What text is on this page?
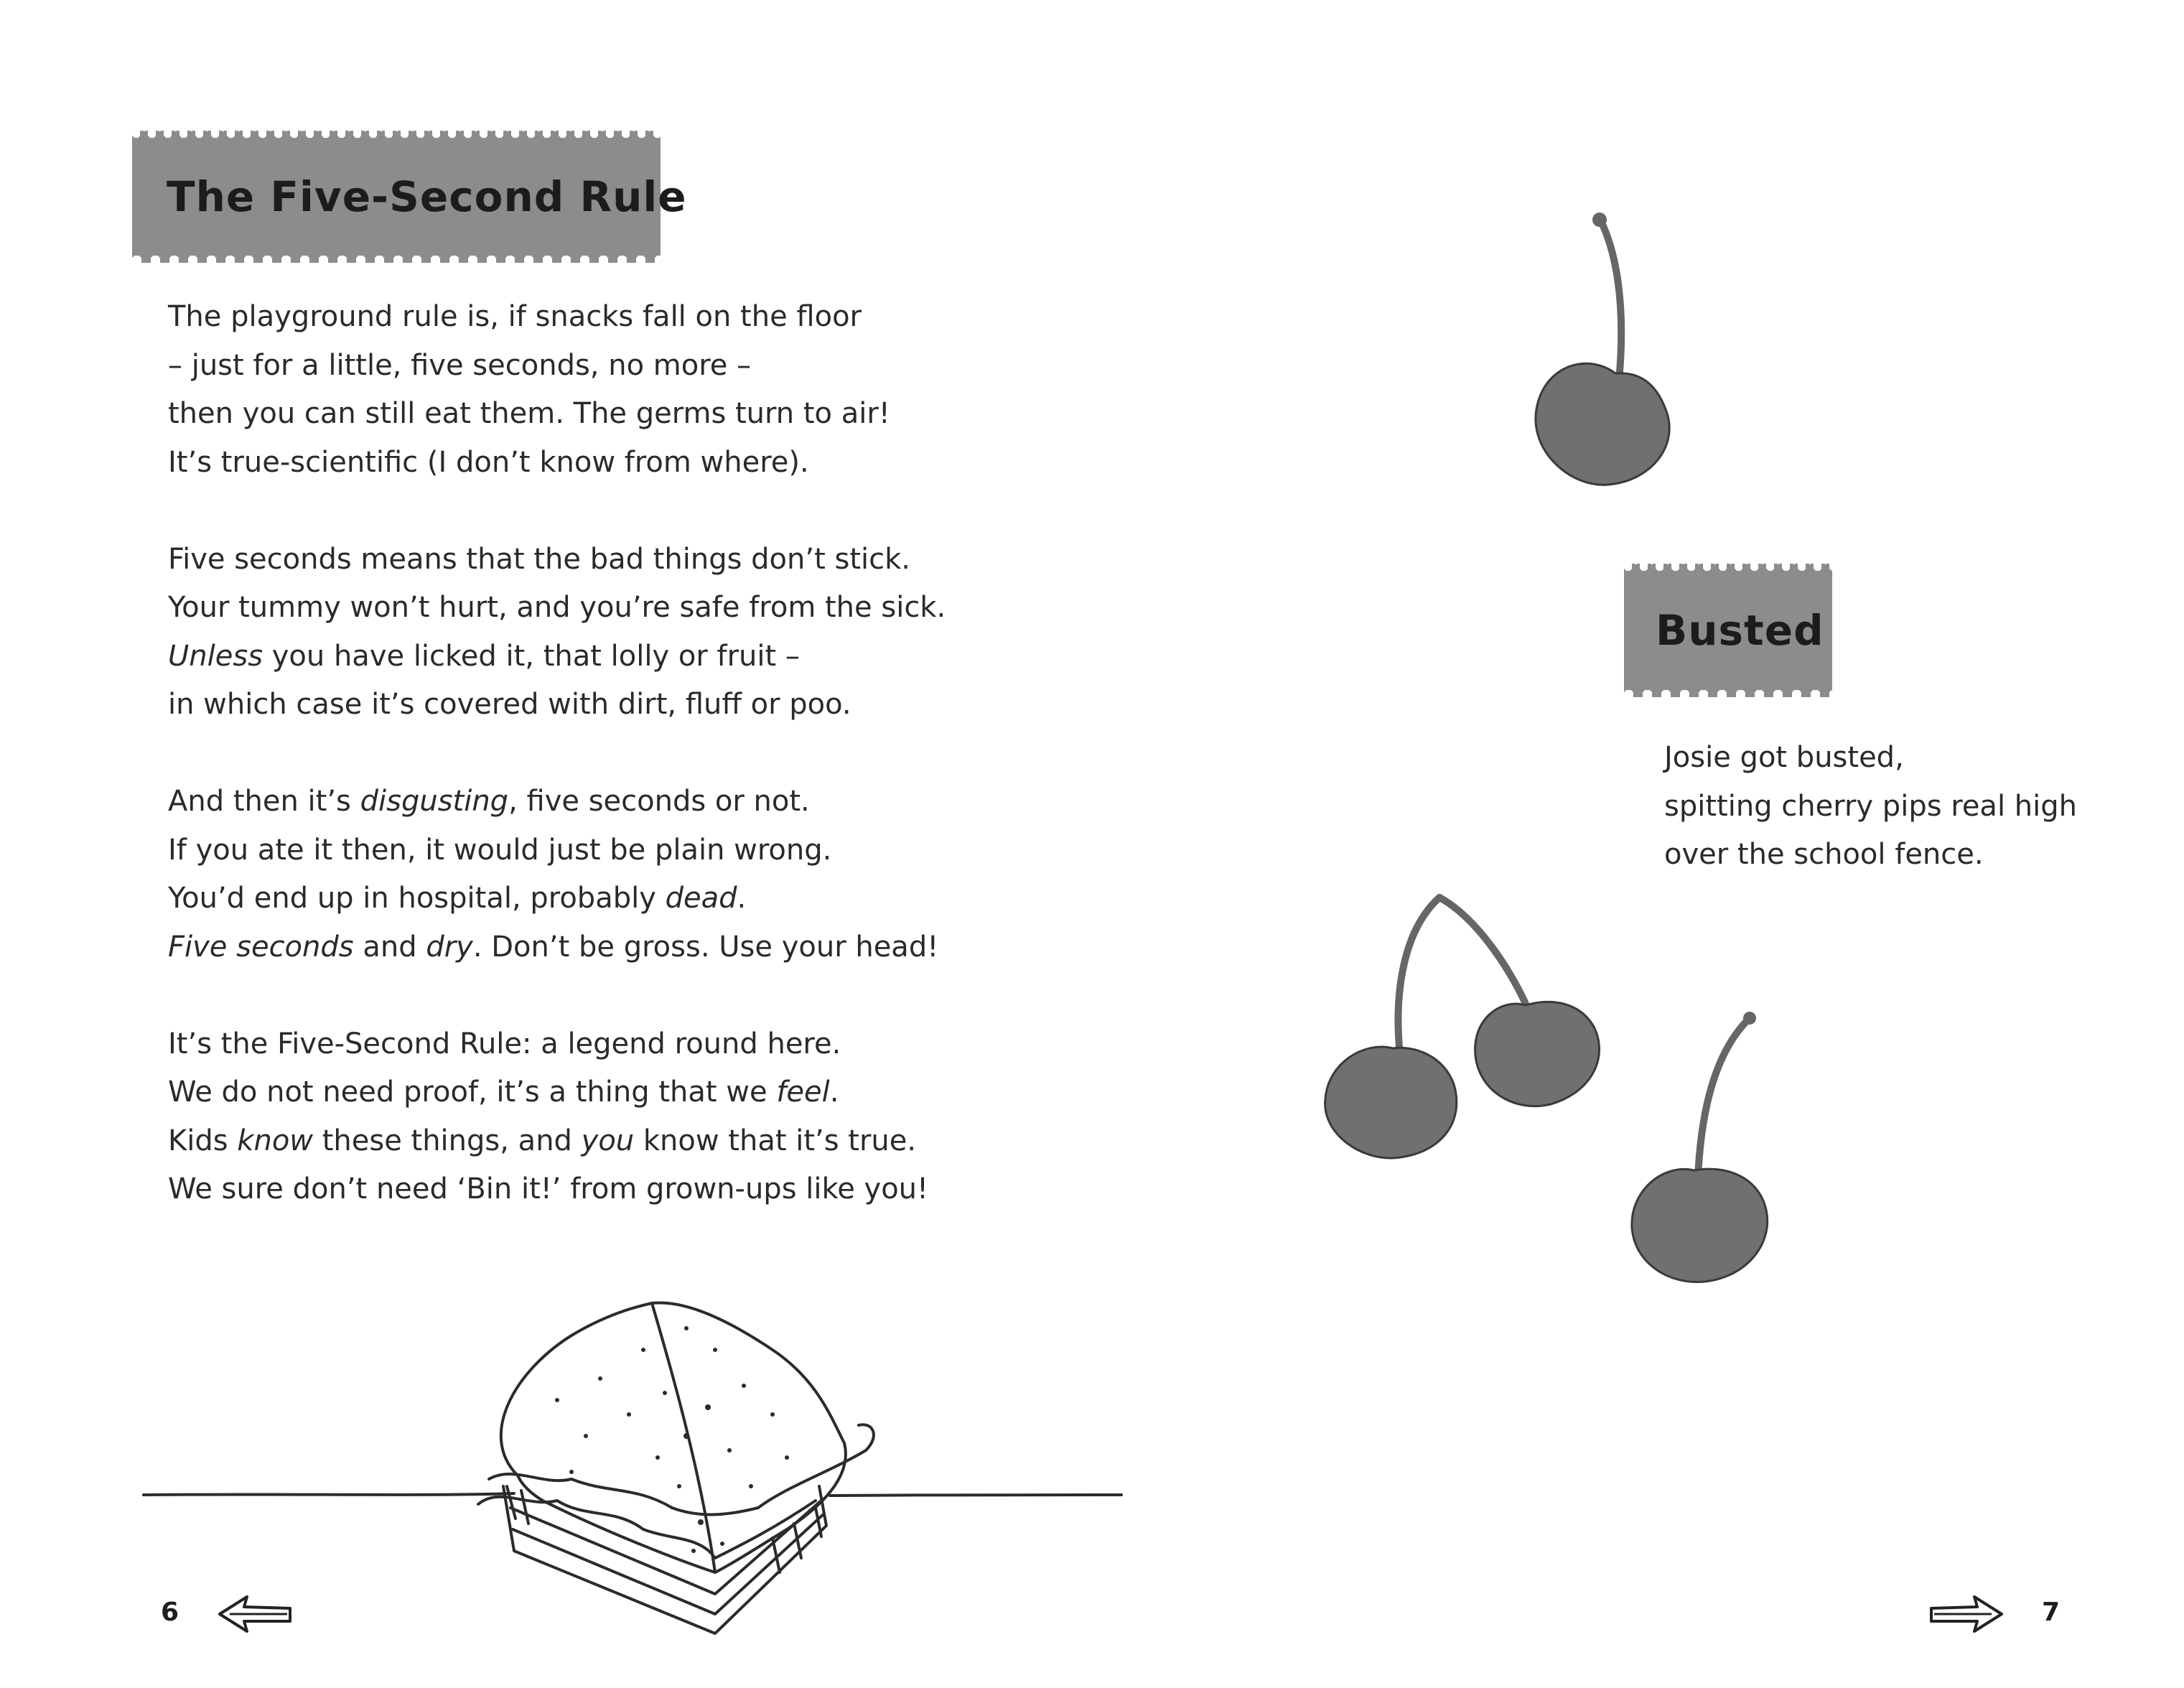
The Five-Second Rule
The playground rule is, if snacks fall on the floor
– just for a little, five seconds, no more –
then you can still eat them. The germs turn to air!
It’s true-scientific (I don’t know from where).
Five seconds means that the bad things don’t stick.
Your tummy won’t hurt, and you’re safe from the sick.
Unless you have licked it, that lolly or fruit –
in which case it’s covered with dirt, fluff or poo.
And then it’s disgusting, five seconds or not.
If you ate it then, it would just be plain wrong.
You’d end up in hospital, probably dead.
Five seconds and dry. Don’t be gross. Use your head!
It’s the Five-Second Rule: a legend round here.
We do not need proof, it’s a thing that we feel.
Kids know these things, and you know that it’s true.
We sure don’t need ‘Bin it!’ from grown-ups like you!
6
Busted
Josie got busted,
spitting cherry pips real high
over the school fence.
7
